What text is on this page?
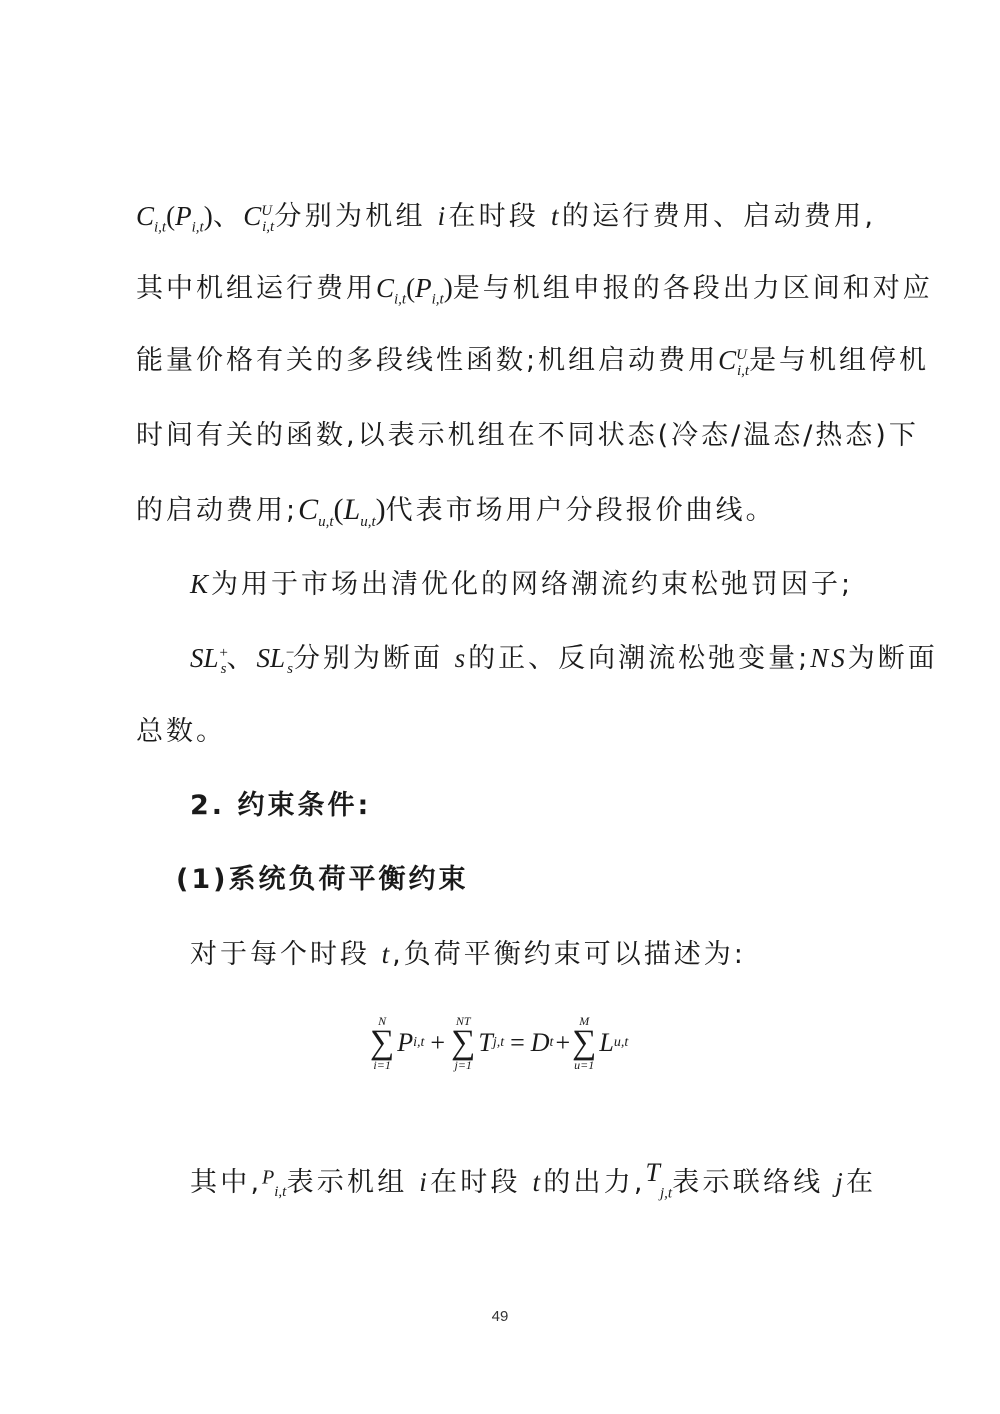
$C_{i,t}(P_{i,t})$、$C^U_{i,t}$分别为机组 i在时段 t的运行费用、启动费用,
其中机组运行费用$C_{i,t}(P_{i,t})$是与机组申报的各段出力区间和对应
能量价格有关的多段线性函数;机组启动费用$C^U_{i,t}$是与机组停机
时间有关的函数,以表示机组在不同状态(冷态/温态/热态)下
的启动费用$;C_{u,t}(L_{u,t})$代表市场用户分段报价曲线。
K为用于市场出清优化的网络潮流约束松弛罚因子;
$SL^+_s$、$SL^-_s$分别为断面 s的正、反向潮流松弛变量;NS为断面
总数。
2. 约束条件:
(1)系统负荷平衡约束
对于每个时段 t,负荷平衡约束可以描述为:
N
∑
i=1
P i,t +
NT
∑
j=1
T j,t = D t +
M
∑
u=1
L u,t
其中,$^P_{i,t}$表示机组 i在时段 t的出力,$^T_{j,t}$表示联络线 j在
49
